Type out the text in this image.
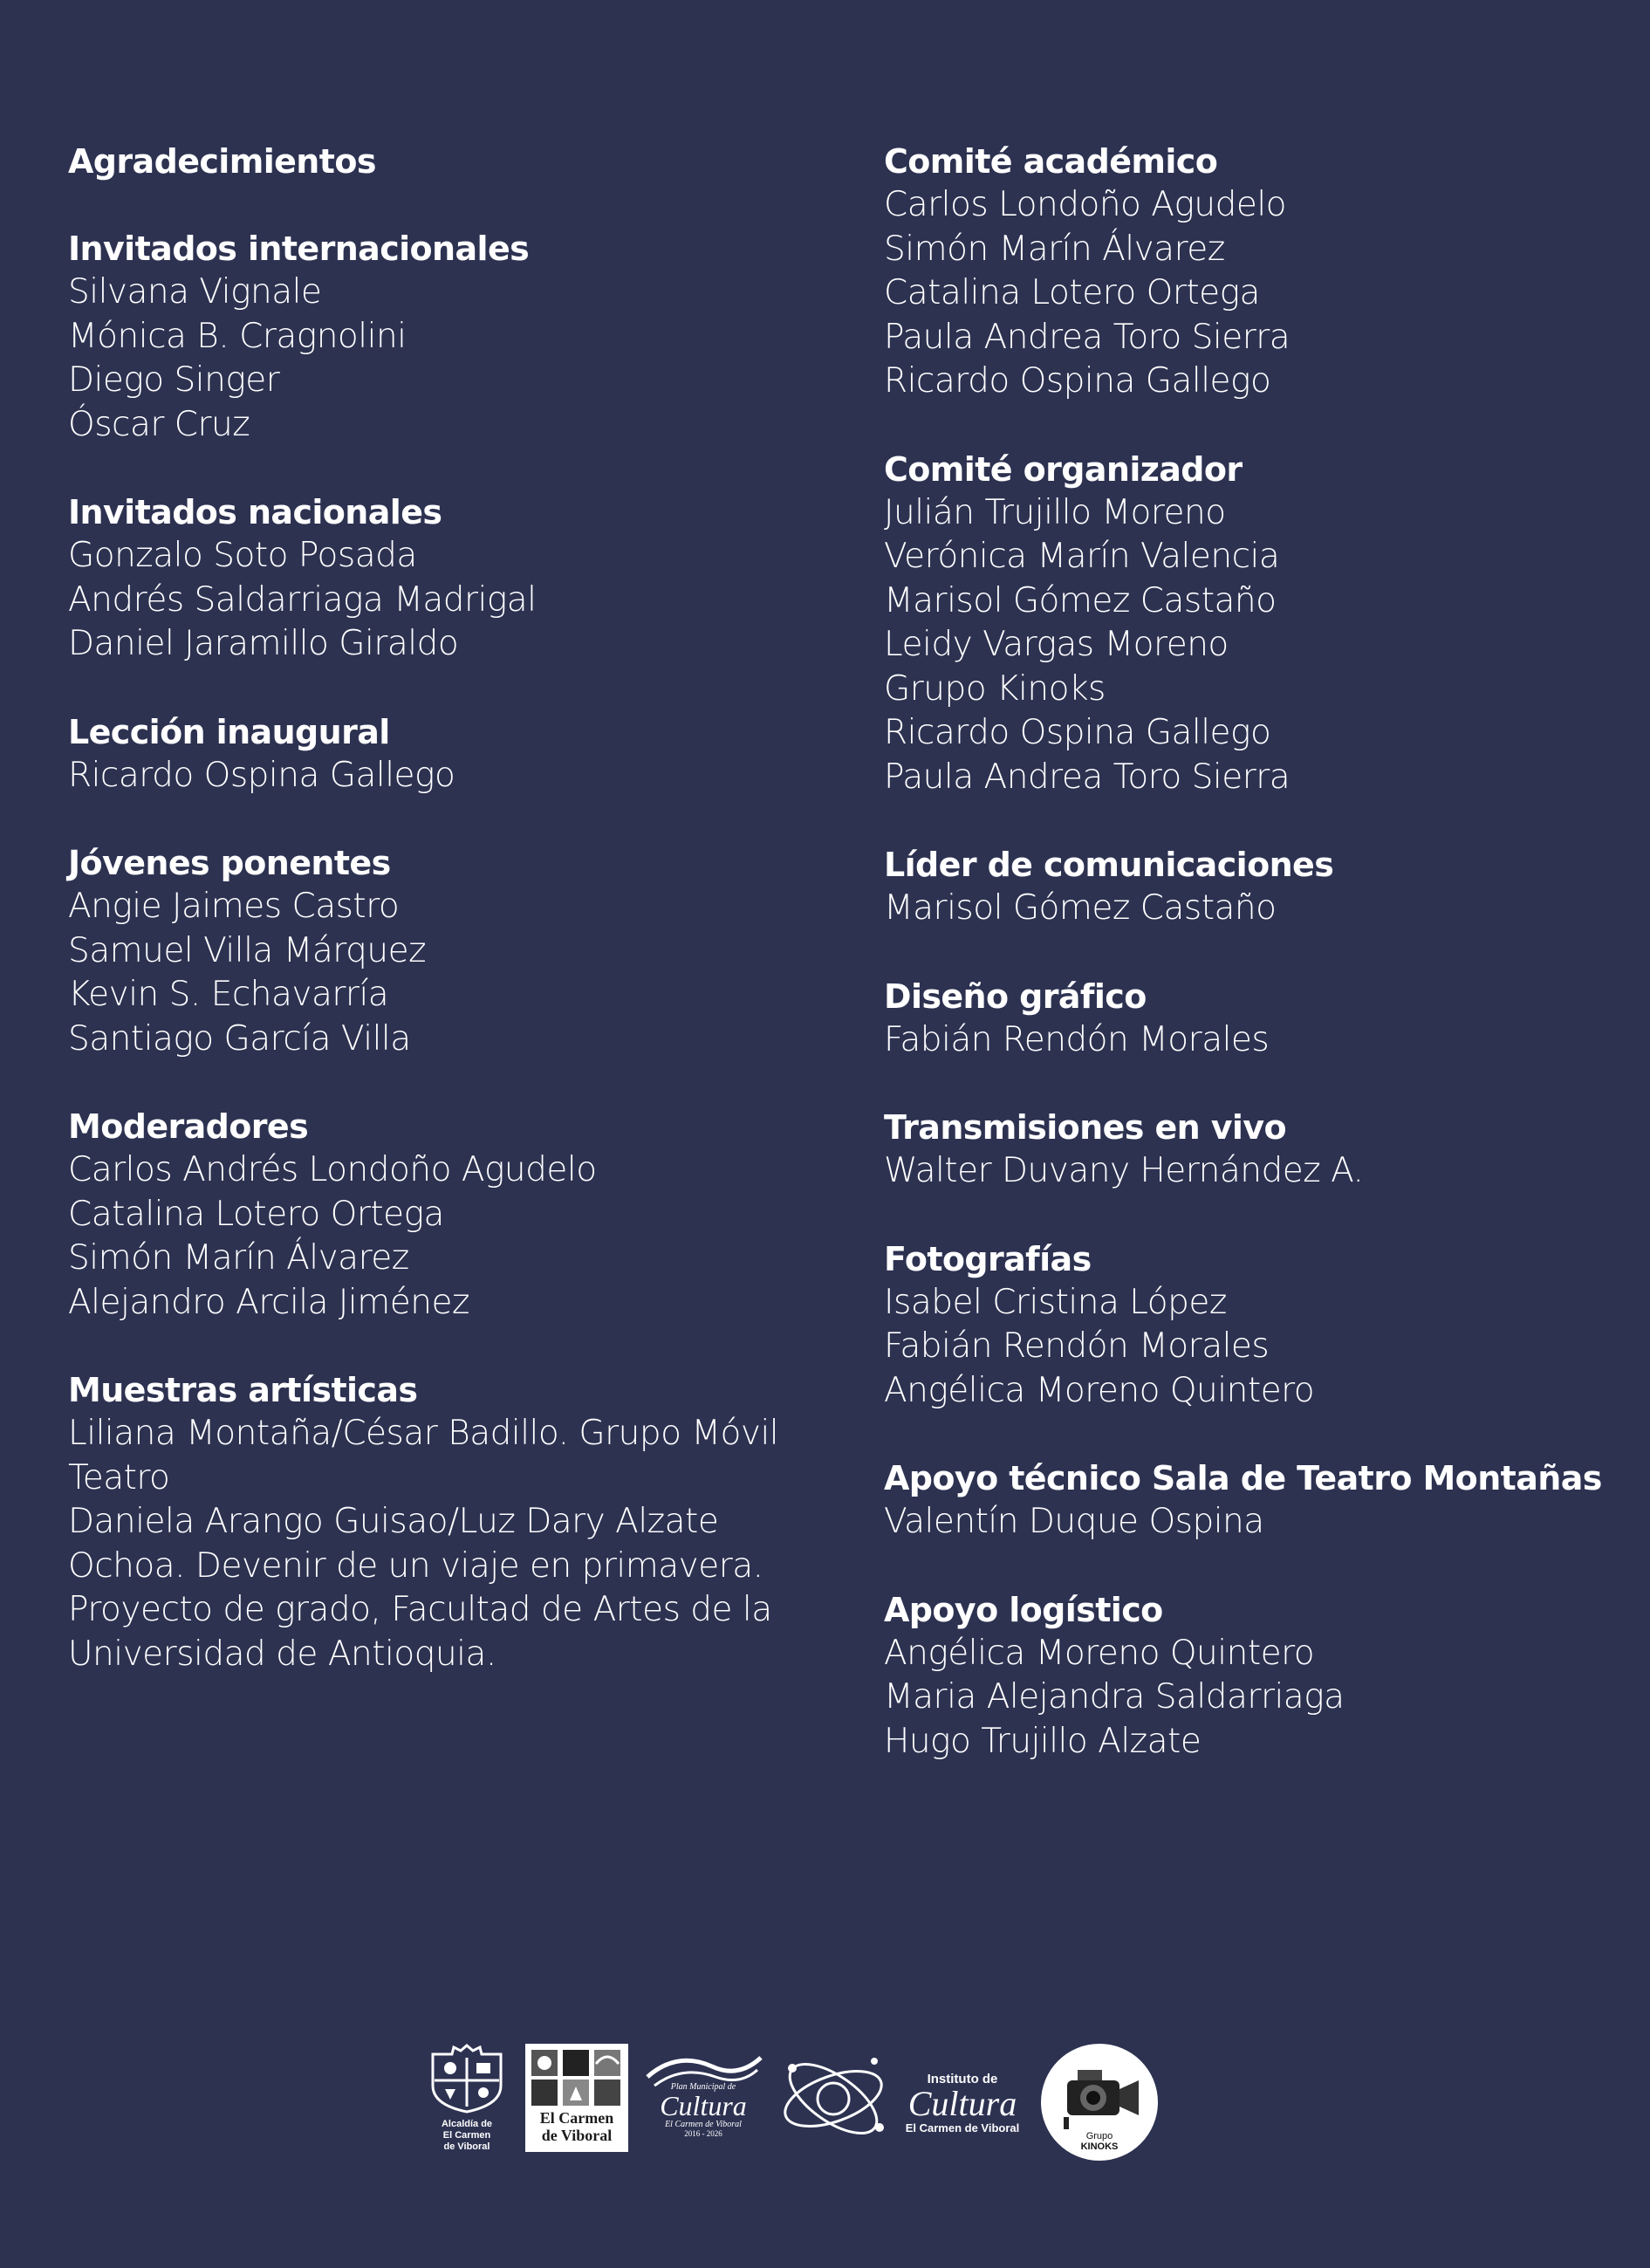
Agradecimientos
Invitados internacionales
Silvana Vignale
Mónica B. Cragnolini
Diego Singer
Óscar Cruz
Invitados nacionales
Gonzalo Soto Posada
Andrés Saldarriaga Madrigal
Daniel Jaramillo Giraldo
Lección inaugural
Ricardo Ospina Gallego
Jóvenes ponentes
Angie Jaimes Castro
Samuel Villa Márquez
Kevin S. Echavarría
Santiago García Villa
Moderadores
Carlos Andrés Londoño Agudelo
Catalina Lotero Ortega
Simón Marín Álvarez
Alejandro Arcila Jiménez
Muestras artísticas
Liliana Montaña/César Badillo. Grupo Móvil Teatro

Daniela Arango Guisao/Luz Dary Alzate Ochoa. Devenir de un viaje en primavera. Proyecto de grado, Facultad de Artes de la Universidad de Antioquia.

Comité académico
Carlos Londoño Agudelo
Simón Marín Álvarez
Catalina Lotero Ortega
Paula Andrea Toro Sierra
Ricardo Ospina Gallego
Comité organizador
Julián Trujillo Moreno
Verónica Marín Valencia
Marisol Gómez Castaño
Leidy Vargas Moreno
Grupo Kinoks
Ricardo Ospina Gallego
Paula Andrea Toro Sierra
Líder de comunicaciones
Marisol Gómez Castaño
Diseño gráfico
Fabián Rendón Morales
Transmisiones en vivo
Walter Duvany Hernández A.
Fotografías
Isabel Cristina López
Fabián Rendón Morales
Angélica Moreno Quintero
Apoyo técnico Sala de Teatro Montañas
Valentín Duque Ospina
Apoyo logístico
Angélica Moreno Quintero
Maria Alejandra Saldarriaga
Hugo Trujillo Alzate
Alcaldía de
El Carmen
de Viboral
El Carmen
de Viboral
Plan Municipal de
Cultura
El Carmen de Viboral
2016 - 2026
Instituto de
Cultura
El Carmen de Viboral
Grupo
KINOKS
